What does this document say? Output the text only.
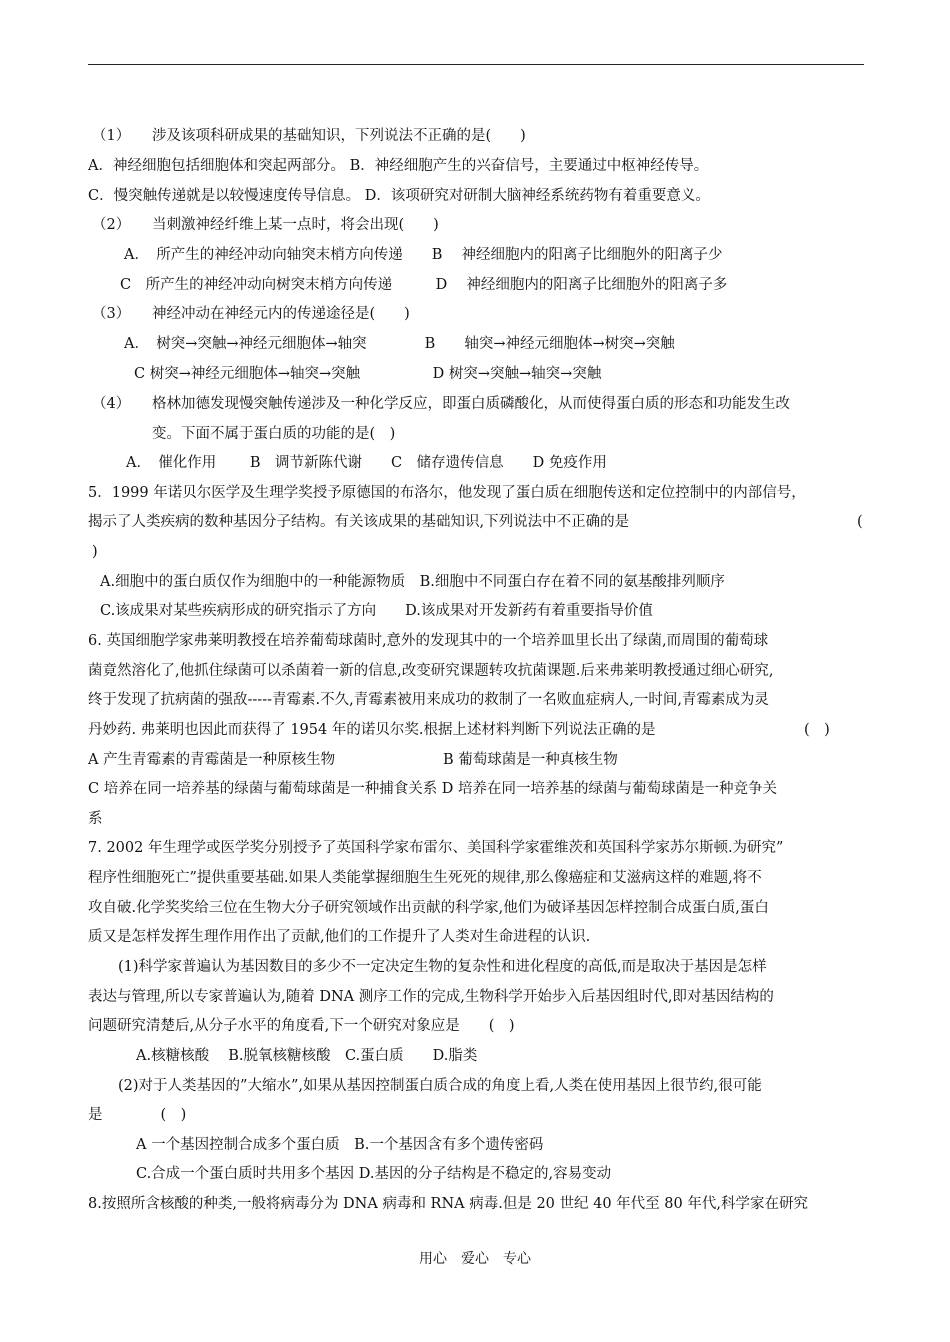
（1）　　涉及该项科研成果的基础知识，下列说法不正确的是(　　)
A．神经细胞包括细胞体和突起两部分。 B．神经细胞产生的兴奋信号，主要通过中枢神经传导。
C．慢突触传递就是以较慢速度传导信息。 D．该项研究对研制大脑神经系统药物有着重要意义。
（2）　　当刺激神经纤维上某一点时，将会出现(　　)
A．　所产生的神经冲动向轴突末梢方向传递　　B　 神经细胞内的阳离子比细胞外的阳离子少
C　所产生的神经冲动向树突末梢方向传递　　　D　 神经细胞内的阳离子比细胞外的阳离子多
（3）　　神经冲动在神经元内的传递途径是(　　)
A．　树突→突触→神经元细胞体→轴突　　　　B　　轴突→神经元细胞体→树突→突触
C 树突→神经元细胞体→轴突→突触　　　　　D 树突→突触→轴突→突触
（4）　　格林加德发现慢突触传递涉及一种化学反应，即蛋白质磷酸化，从而使得蛋白质的形态和功能发生改
变。下面不属于蛋白质的功能的是(　)
A．　催化作用　　 B　调节新陈代谢　　C　储存遗传信息　　D 免疫作用
5．1999 年诺贝尔医学及生理学奖授予原德国的布洛尔，他发现了蛋白质在细胞传送和定位控制中的内部信号，
揭示了人类疾病的数种基因分子结构。有关该成果的基础知识,下列说法中不正确的是	(
)
A.细胞中的蛋白质仅作为细胞中的一种能源物质　B.细胞中不同蛋白存在着不同的氨基酸排列顺序
C.该成果对某些疾病形成的研究指示了方向　　D.该成果对开发新药有着重要指导价值
6. 英国细胞学家弗莱明教授在培养葡萄球菌时,意外的发现其中的一个培养皿里长出了绿菌,而周围的葡萄球
菌竟然溶化了,他抓住绿菌可以杀菌着一新的信息,改变研究课题转攻抗菌课题.后来弗莱明教授通过细心研究,
终于发现了抗病菌的强敌-----青霉素.不久,青霉素被用来成功的救制了一名败血症病人,一时间,青霉素成为灵
丹妙药. 弗莱明也因此而获得了 1954 年的诺贝尔奖.根据上述材料判断下列说法正确的是	(　)
A 产生青霉素的青霉菌是一种原核生物	B 葡萄球菌是一种真核生物
C 培养在同一培养基的绿菌与葡萄球菌是一种捕食关系 D 培养在同一培养基的绿菌与葡萄球菌是一种竞争关
系
7. 2002 年生理学或医学奖分别授予了英国科学家布雷尔、美国科学家霍维茨和英国科学家苏尔斯顿.为研究”
程序性细胞死亡”提供重要基础.如果人类能掌握细胞生生死死的规律,那么像癌症和艾滋病这样的难题,将不
攻自破.化学奖奖给三位在生物大分子研究领域作出贡献的科学家,他们为破译基因怎样控制合成蛋白质,蛋白
质又是怎样发挥生理作用作出了贡献,他们的工作提升了人类对生命进程的认识.
(1)科学家普遍认为基因数目的多少不一定决定生物的复杂性和进化程度的高低,而是取决于基因是怎样
表达与管理,所以专家普遍认为,随着 DNA 测序工作的完成,生物科学开始步入后基因组时代,即对基因结构的
问题研究清楚后,从分子水平的角度看,下一个研究对象应是　　(　)
A.核糖核酸　 B.脱氧核糖核酸　C.蛋白质　　D.脂类
(2)对于人类基因的”大缩水”,如果从基因控制蛋白质合成的角度上看,人类在使用基因上很节约,很可能
是　　　　(　)
A 一个基因控制合成多个蛋白质　B.一个基因含有多个遗传密码
C.合成一个蛋白质时共用多个基因 D.基因的分子结构是不稳定的,容易变动
8.按照所含核酸的种类,一般将病毒分为 DNA 病毒和 RNA 病毒.但是 20 世纪 40 年代至 80 年代,科学家在研究
用心　爱心　专心
